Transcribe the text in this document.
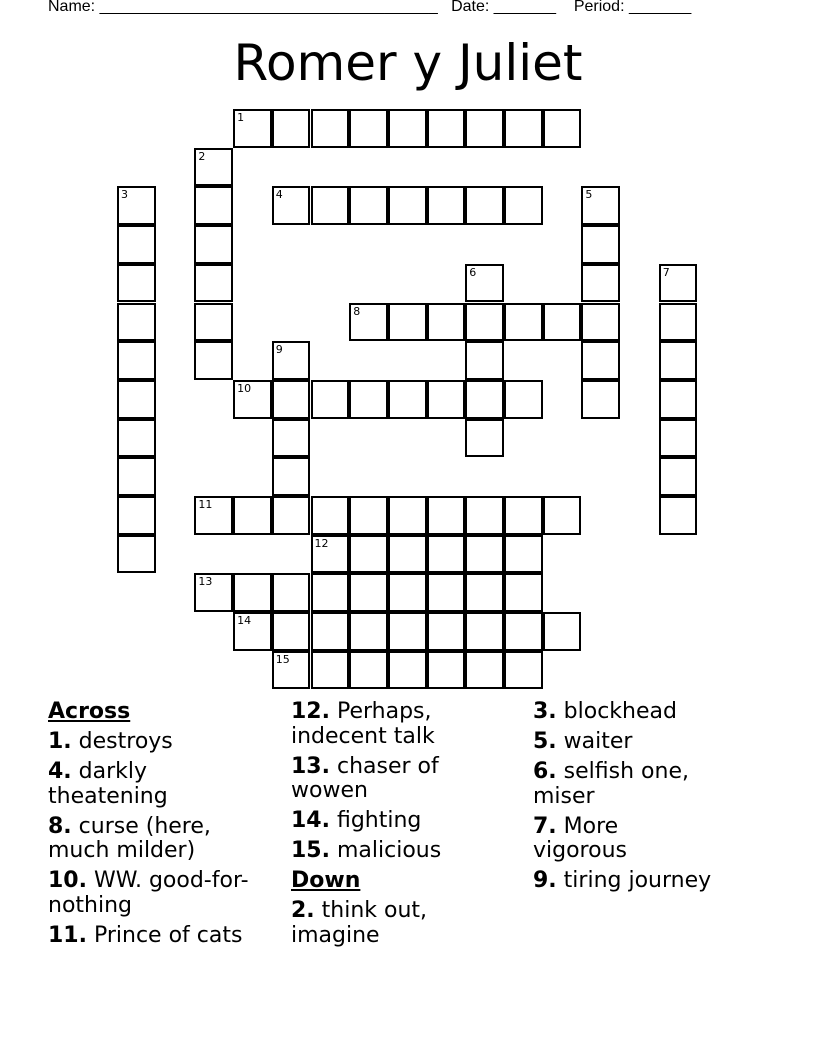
Name: ______________________________________ Date: _______ Period: _______
Romer y Juliet
1
2
3	4	5
6	7
8
9
10
11
12
13
14
15
Across
1. destroys
4. darkly theatening
8. curse (here, much milder)
10. WW. good-for-nothing
11. Prince of cats
12. Perhaps, indecent talk
13. chaser of wowen
14. fighting
15. malicious
Down
2. think out, imagine
3. blockhead
5. waiter
6. selfish one, miser
7. More vigorous
9. tiring journey
